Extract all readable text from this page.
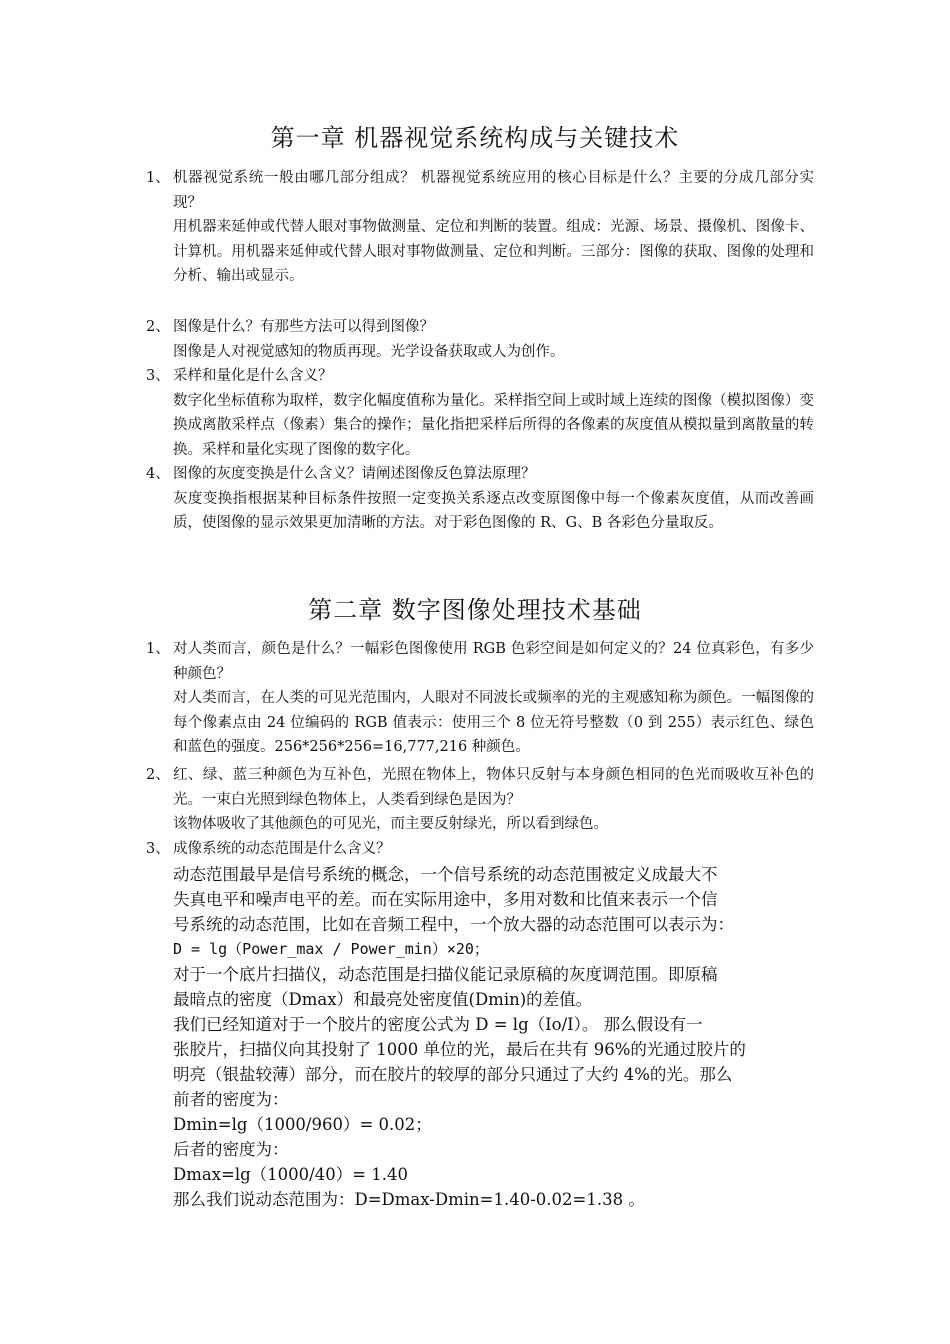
第一章 机器视觉系统构成与关键技术
1、 机器视觉系统一般由哪几部分组成？ 机器视觉系统应用的核心目标是什么？主要的分成几部分实现？
用机器来延伸或代替人眼对事物做测量、定位和判断的装置。组成：光源、场景、摄像机、图像卡、计算机。用机器来延伸或代替人眼对事物做测量、定位和判断。三部分：图像的获取、图像的处理和分析、输出或显示。
2、 图像是什么？有那些方法可以得到图像？
图像是人对视觉感知的物质再现。光学设备获取或人为创作。
3、 采样和量化是什么含义？
数字化坐标值称为取样，数字化幅度值称为量化。采样指空间上或时域上连续的图像（模拟图像）变换成离散采样点（像素）集合的操作；量化指把采样后所得的各像素的灰度值从模拟量到离散量的转换。采样和量化实现了图像的数字化。
4、 图像的灰度变换是什么含义？请阐述图像反色算法原理？
灰度变换指根据某种目标条件按照一定变换关系逐点改变原图像中每一个像素灰度值，从而改善画质，使图像的显示效果更加清晰的方法。对于彩色图像的 R、G、B 各彩色分量取反。
第二章 数字图像处理技术基础
1、 对人类而言，颜色是什么？一幅彩色图像使用 RGB 色彩空间是如何定义的？24 位真彩色，有多少种颜色？
对人类而言，在人类的可见光范围内，人眼对不同波长或频率的光的主观感知称为颜色。一幅图像的每个像素点由 24 位编码的 RGB 值表示：使用三个 8 位无符号整数（0 到 255）表示红色、绿色和蓝色的强度。256*256*256=16,777,216 种颜色。
2、 红、绿、蓝三种颜色为互补色，光照在物体上，物体只反射与本身颜色相同的色光而吸收互补色的光。一束白光照到绿色物体上，人类看到绿色是因为？
该物体吸收了其他颜色的可见光，而主要反射绿光，所以看到绿色。
3、 成像系统的动态范围是什么含义？
动态范围最早是信号系统的概念，一个信号系统的动态范围被定义成最大不
失真电平和噪声电平的差。而在实际用途中，多用对数和比值来表示一个信
号系统的动态范围，比如在音频工程中，一个放大器的动态范围可以表示为：
D = lg（Power_max / Power_min）×20；
对于一个底片扫描仪，动态范围是扫描仪能记录原稿的灰度调范围。即原稿
最暗点的密度（Dmax）和最亮处密度值(Dmin)的差值。
我们已经知道对于一个胶片的密度公式为 D = lg（Io/I）。 那么假设有一
张胶片，扫描仪向其投射了 1000 单位的光，最后在共有 96%的光通过胶片的
明亮（银盐较薄）部分，而在胶片的较厚的部分只通过了大约 4%的光。那么
前者的密度为：
Dmin=lg（1000/960）= 0.02；
后者的密度为：
Dmax=lg（1000/40）= 1.40
那么我们说动态范围为：D=Dmax-Dmin=1.40-0.02=1.38 。
